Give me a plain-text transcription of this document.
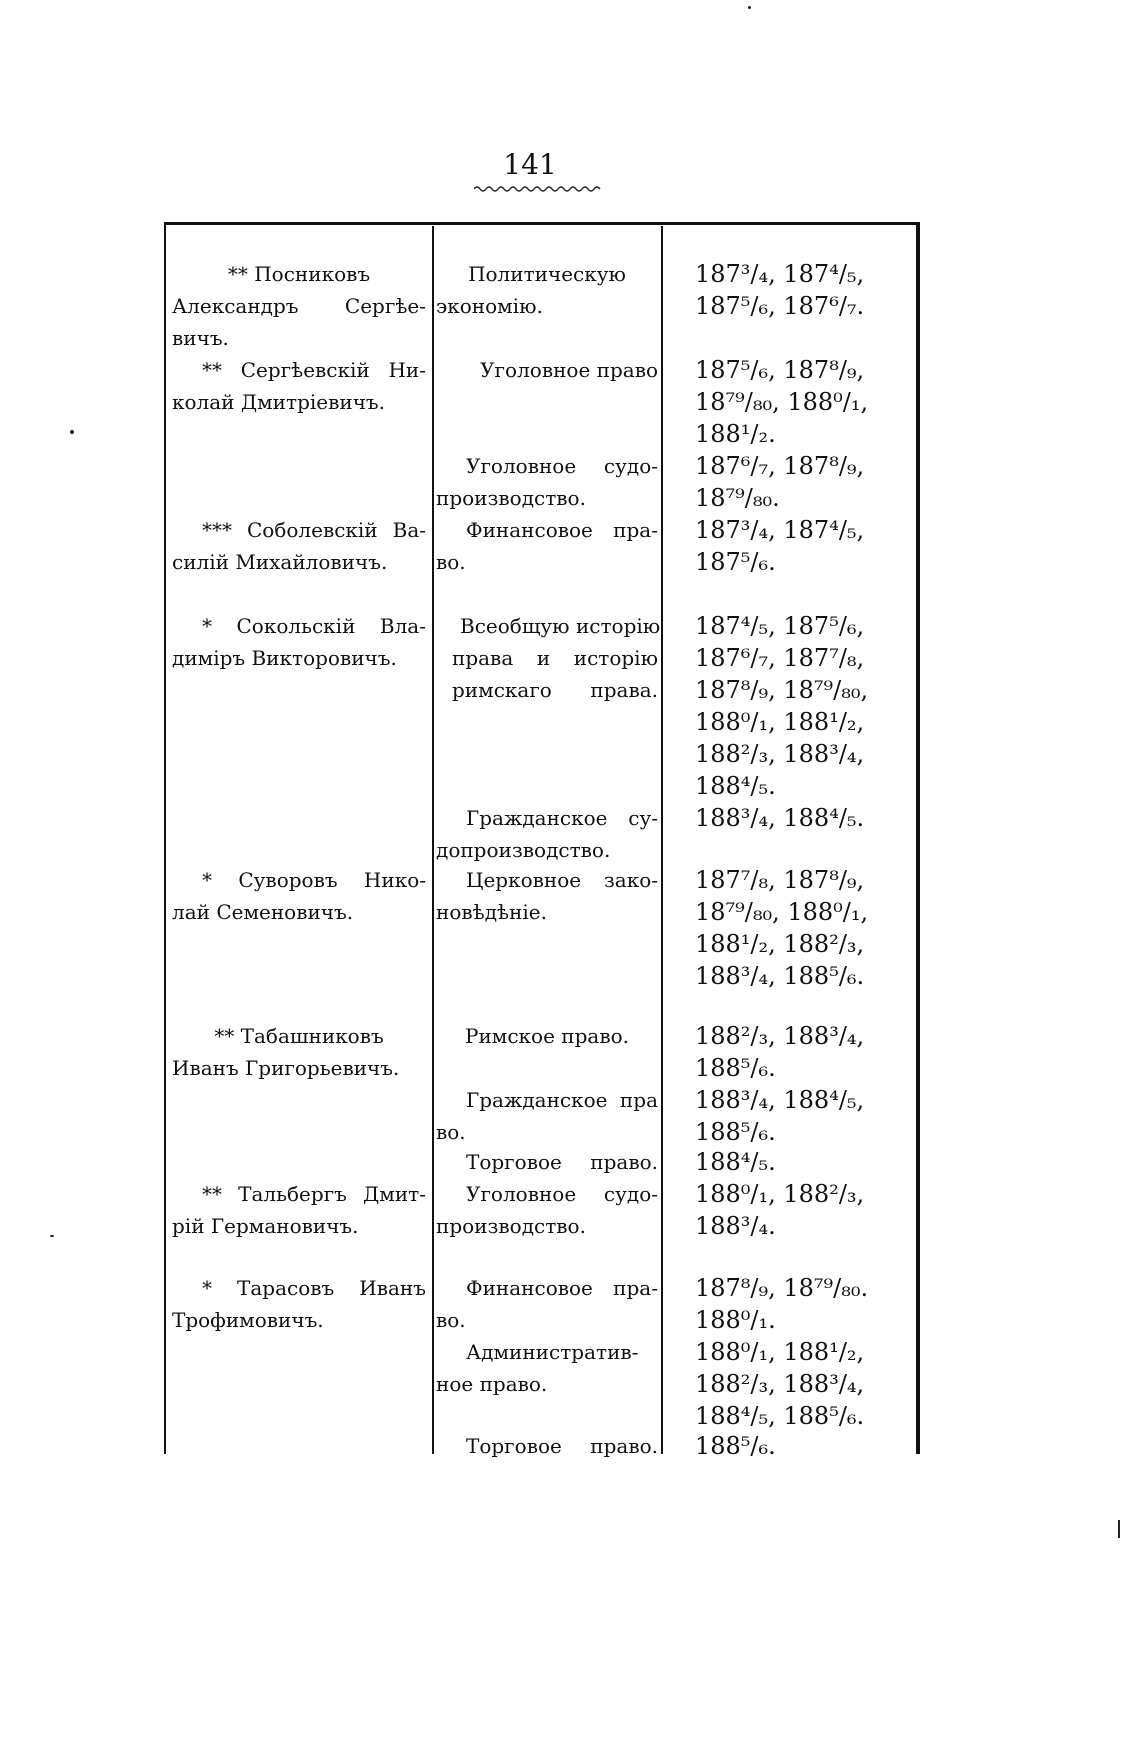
141
** Посниковъ
Александръ Сергѣе-
вичъ.
Политическую
экономію.
187³/₄, 187⁴/₅,
187⁵/₆, 187⁶/₇.
** Сергѣевскій Ни-
колай Дмитріевичъ.
Уголовное право 187⁵/₆, 187⁸/₉,
18⁷⁹/₈₀, 188⁰/₁,
188¹/₂.
Уголовное судо-
производство.
187⁶/₇, 187⁸/₉,
18⁷⁹/₈₀.
*** Соболевскій Ва-
силій Михайловичъ.
Финансовое пра-
во.
187³/₄, 187⁴/₅,
187⁵/₆.
* Сокольскій Вла-
диміръ Викторовичъ.
Всеобщую исторію
права и исторію
римскаго права.
187⁴/₅, 187⁵/₆,
187⁶/₇, 187⁷/₈,
187⁸/₉, 18⁷⁹/₈₀,
188⁰/₁, 188¹/₂,
188²/₃, 188³/₄,
188⁴/₅.
Гражданское су-
допроизводство.
188³/₄, 188⁴/₅.
* Суворовъ Нико-
лай Семеновичъ.
Церковное зако-
новѣдѣніе.
187⁷/₈, 187⁸/₉,
18⁷⁹/₈₀, 188⁰/₁,
188¹/₂, 188²/₃,
188³/₄, 188⁵/₆.
** Табашниковъ
Иванъ Григорьевичъ.
Римское право.	188²/₃, 188³/₄,
188⁵/₆.
Гражданское пра
во.
188³/₄, 188⁴/₅,
188⁵/₆.
Торговое право. 188⁴/₅.
** Тальбергъ Дмит-
рій Германовичъ.
Уголовное судо-
производство.
188⁰/₁, 188²/₃,
188³/₄.
* Тарасовъ Иванъ
Трофимовичъ.
Финансовое пра-
во.
187⁸/₉, 18⁷⁹/₈₀.
188⁰/₁.
Административ-
ное право.
188⁰/₁, 188¹/₂,
188²/₃, 188³/₄,
188⁴/₅, 188⁵/₆.
Торговое право. 188⁵/₆.
